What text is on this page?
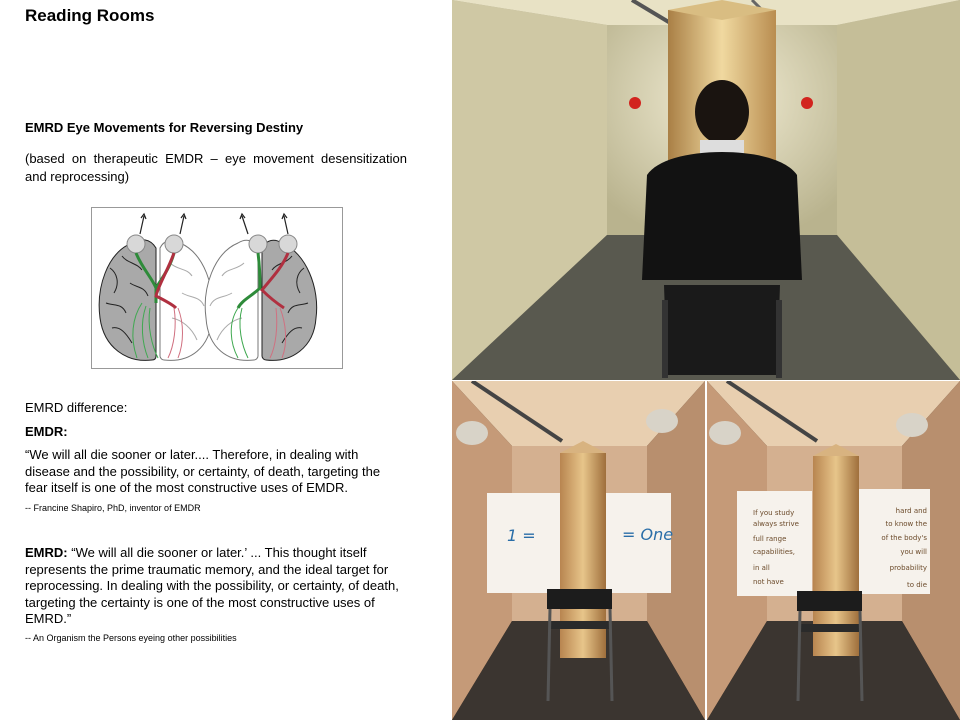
Reading Rooms
EMRD Eye Movements for Reversing Destiny
(based on therapeutic EMDR – eye movement desensitization and reprocessing)
EMRD difference:
EMDR:
“We will all die sooner or later.... Therefore, in dealing with disease and the possibility, or certainty, of death, targeting the fear itself is one of the most constructive uses of EMDR.
-- Francine Shapiro, PhD, inventor of EMDR
EMRD: “We will all die sooner or later.’ ... This thought itself represents the prime traumatic memory, and the ideal target for reprocessing. In dealing with the possibility, or certainty, of death, targeting the certainty is one of the most constructive uses of EMRD.”
-- An Organism the Persons eyeing other possibilities
1 =	= One
If you study
always strive
full range
capabilities,
in all
not have
hard and
to know the
of the body's
you will
probability
to die
